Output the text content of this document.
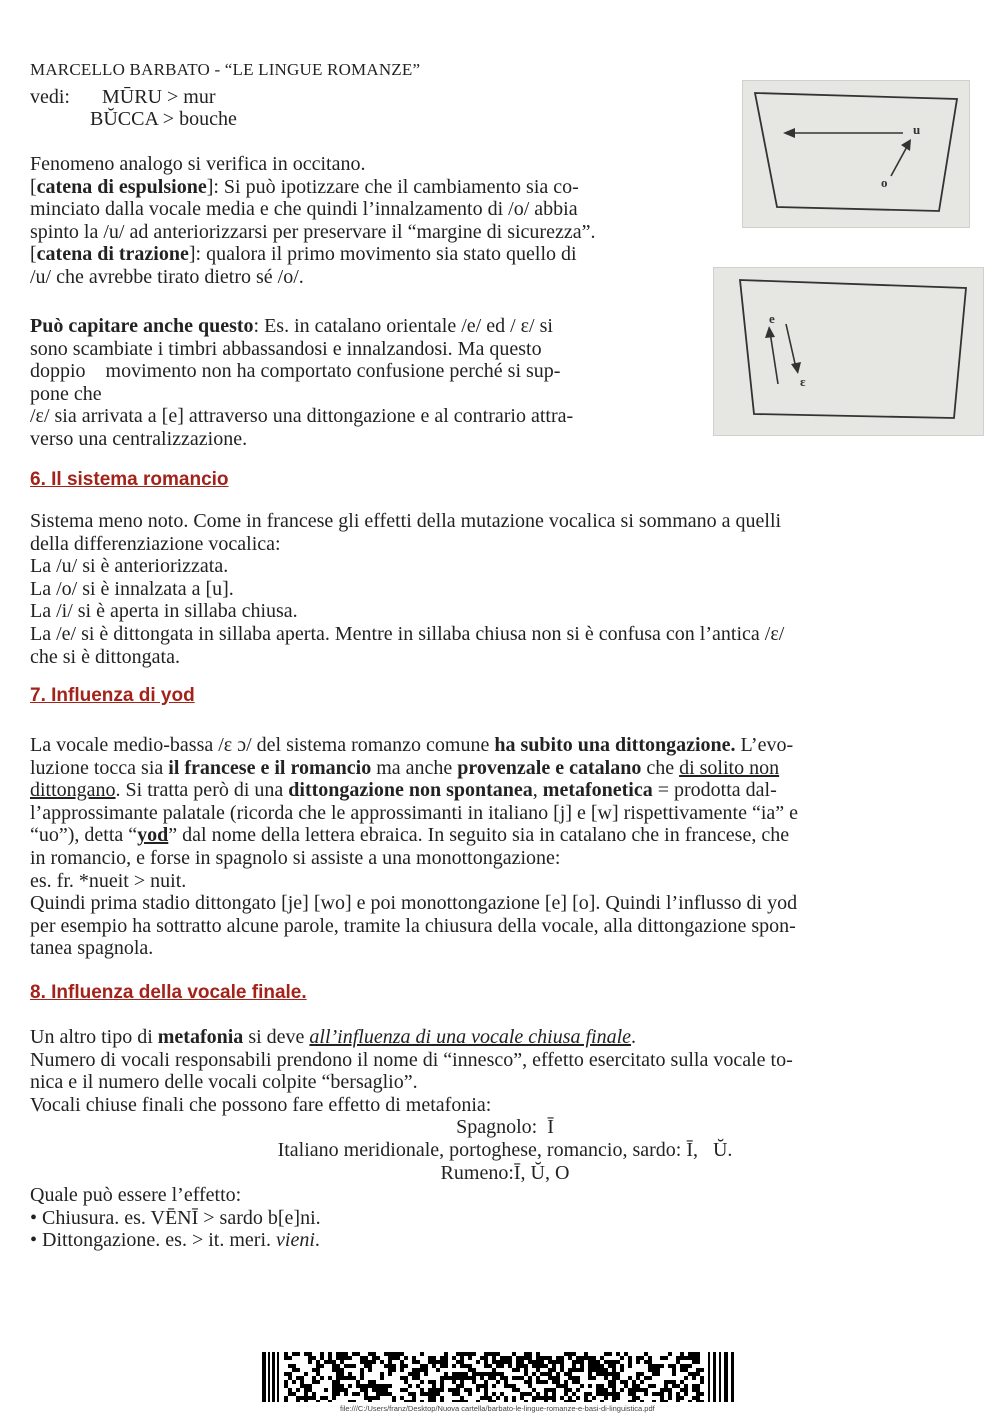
MARCELLO BARBATO - “LE LINGUE ROMANZE”
vedi: MŪRU > mur
BŬCCA > bouche
Fenomeno analogo si verifica in occitano.
[catena di espulsione]: Si può ipotizzare che il cambiamento sia co-
minciato dalla vocale media e che quindi l’innalzamento di /o/ abbia
spinto la /u/ ad anteriorizzarsi per preservare il “margine di sicurezza”.
[catena di trazione]: qualora il primo movimento sia stato quello di
/u/ che avrebbe tirato dietro sé /o/.
Può capitare anche questo: Es. in catalano orientale /e/ ed / ɛ/ si
sono scambiate i timbri abbassandosi e innalzandosi. Ma questo
doppio    movimento non ha comportato confusione perché si sup-
pone che
/ɛ/ sia arrivata a [e] attraverso una dittongazione e al contrario attra-
verso una centralizzazione.
u
o
e
ɛ
6. Il sistema romancio
Sistema meno noto. Come in francese gli effetti della mutazione vocalica si sommano a quelli
della differenziazione vocalica:
La /u/ si è anteriorizzata.
La /o/ si è innalzata a [u].
La /i/ si è aperta in sillaba chiusa.
La /e/ si è dittongata in sillaba aperta. Mentre in sillaba chiusa non si è confusa con l’antica /ɛ/
che si è dittongata.
7. Influenza di yod
La vocale medio-bassa /ɛ ɔ/ del sistema romanzo comune ha subito una dittongazione. L’evo-
luzione tocca sia il francese e il romancio ma anche provenzale e catalano che di solito non
dittongano. Si tratta però di una dittongazione non spontanea, metafonetica = prodotta dal-
l’approssimante palatale (ricorda che le approssimanti in italiano [j] e [w] rispettivamente “ia” e
“uo”), detta “yod” dal nome della lettera ebraica. In seguito sia in catalano che in francese, che
in romancio, e forse in spagnolo si assiste a una monottongazione:
es. fr. *nueit > nuit.
Quindi prima stadio dittongato [je] [wo] e poi monottongazione [e] [o]. Quindi l’influsso di yod
per esempio ha sottratto alcune parole, tramite la chiusura della vocale, alla dittongazione spon-
tanea spagnola.
8. Influenza della vocale finale.
Un altro tipo di metafonia si deve all’influenza di una vocale chiusa finale.
Numero di vocali responsabili prendono il nome di “innesco”, effetto esercitato sulla vocale to-
nica e il numero delle vocali colpite “bersaglio”.
Vocali chiuse finali che possono fare effetto di metafonia:
Spagnolo:  Ī
Italiano meridionale, portoghese, romancio, sardo: Ī,   Ŭ.
Rumeno:Ī, Ŭ, O
Quale può essere l’effetto:
• Chiusura. es. VĒNĪ > sardo b[e]ni.
• Dittongazione. es. > it. meri. vieni.
file:///C:/Users/franz/Desktop/Nuova cartella/barbato-le-lingue-romanze-e-basi-di-linguistica.pdf
